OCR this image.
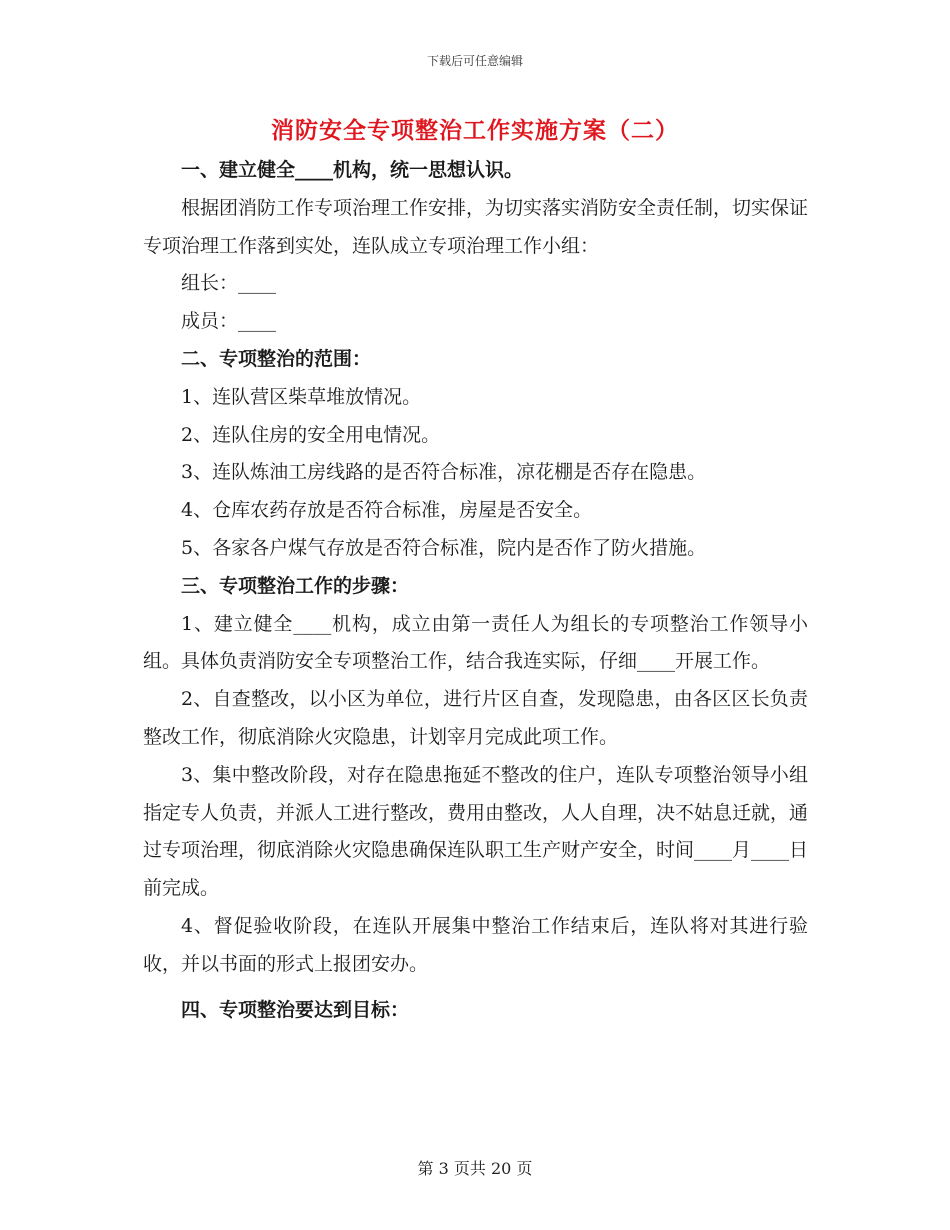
下载后可任意编辑
消防安全专项整治工作实施方案（二）

一、建立健全____机构，统一思想认识。

根据团消防工作专项治理工作安排，为切实落实消防安全责任制，切实保证专项治理工作落到实处，连队成立专项治理工作小组：

组长：____

成员：____

二、专项整治的范围：

1、连队营区柴草堆放情况。

2、连队住房的安全用电情况。

3、连队炼油工房线路的是否符合标准，凉花棚是否存在隐患。

4、仓库农药存放是否符合标准，房屋是否安全。

5、各家各户煤气存放是否符合标准，院内是否作了防火措施。

三、专项整治工作的步骤：

1、建立健全____机构，成立由第一责任人为组长的专项整治工作领导小组。具体负责消防安全专项整治工作，结合我连实际，仔细____开展工作。

2、自查整改，以小区为单位，进行片区自查，发现隐患，由各区区长负责整改工作，彻底消除火灾隐患，计划宰月完成此项工作。

3、集中整改阶段，对存在隐患拖延不整改的住户，连队专项整治领导小组指定专人负责，并派人工进行整改，费用由整改，人人自理，决不姑息迁就，通过专项治理，彻底消除火灾隐患确保连队职工生产财产安全，时间____月____日前完成。

4、督促验收阶段，在连队开展集中整治工作结束后，连队将对其进行验收，并以书面的形式上报团安办。

四、专项整治要达到目标：

第 3 页共 20 页
